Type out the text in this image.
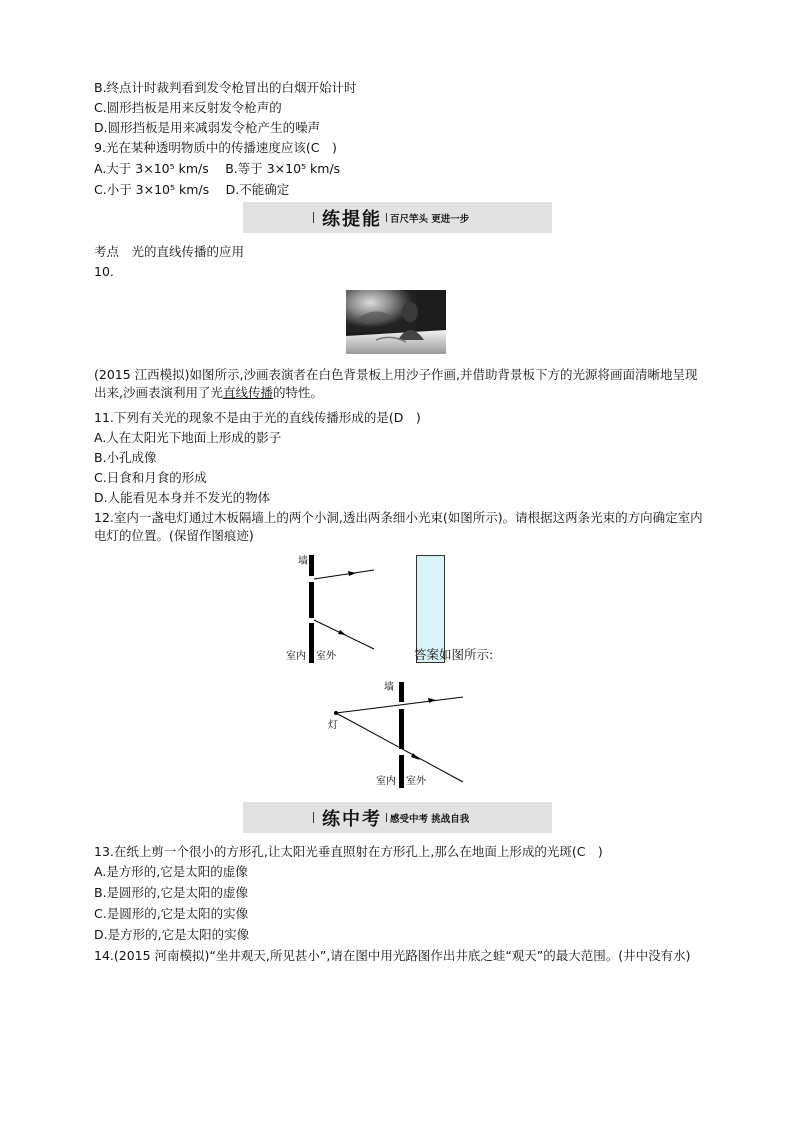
B.终点计时裁判看到发令枪冒出的白烟开始计时
C.圆形挡板是用来反射发令枪声的
D.圆形挡板是用来减弱发令枪产生的噪声
9.光在某种透明物质中的传播速度应该(C　)
A.大于 3×10⁵ km/s　 B.等于 3×10⁵ km/s
C.小于 3×10⁵ km/s　 D.不能确定
练提能 百尺竿头 更进一步
考点　光的直线传播的应用
10.
(2015 江西模拟)如图所示,沙画表演者在白色背景板上用沙子作画,并借助背景板下方的光源将画面清晰地呈现出来,沙画表演利用了光直线传播的特性。
11.下列有关光的现象不是由于光的直线传播形成的是(D　)
A.人在太阳光下地面上形成的影子
B.小孔成像
C.日食和月食的形成
D.人能看见本身并不发光的物体
12.室内一盏电灯通过木板隔墙上的两个小洞,透出两条细小光束(如图所示)。请根据这两条光束的方向确定室内电灯的位置。(保留作图痕迹)
墙
室内 室外	答案如图所示:
墙
灯
室内 室外
练中考 感受中考 挑战自我
13.在纸上剪一个很小的方形孔,让太阳光垂直照射在方形孔上,那么在地面上形成的光斑(C　)
A.是方形的,它是太阳的虚像
B.是圆形的,它是太阳的虚像
C.是圆形的,它是太阳的实像
D.是方形的,它是太阳的实像
14.(2015 河南模拟)“坐井观天,所见甚小”,请在图中用光路图作出井底之蛙“观天”的最大范围。(井中没有水)
